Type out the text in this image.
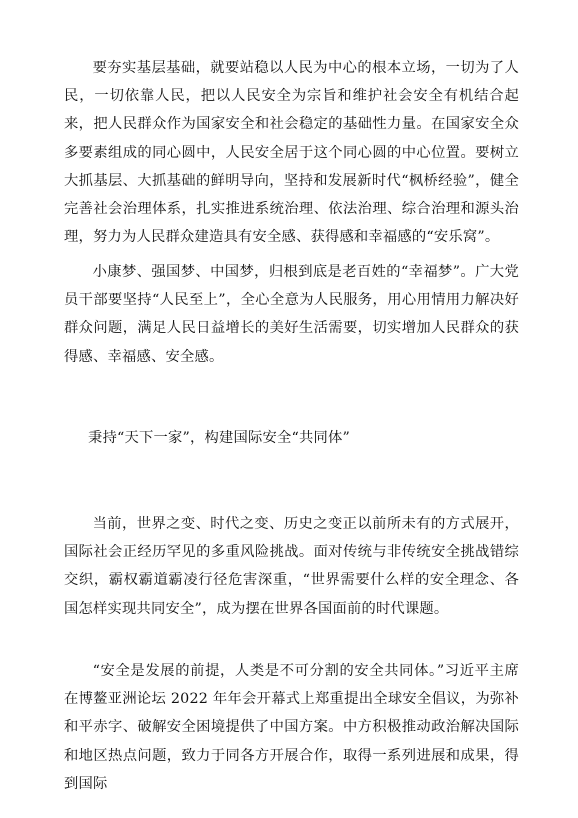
要夯实基层基础，就要站稳以人民为中心的根本立场，一切为了人民，一切依靠人民，把以人民安全为宗旨和维护社会安全有机结合起来，把人民群众作为国家安全和社会稳定的基础性力量。在国家安全众多要素组成的同心圆中，人民安全居于这个同心圆的中心位置。要树立大抓基层、大抓基础的鲜明导向，坚持和发展新时代“枫桥经验”，健全完善社会治理体系，扎实推进系统治理、依法治理、综合治理和源头治理，努力为人民群众建造具有安全感、获得感和幸福感的“安乐窝”。

小康梦、强国梦、中国梦，归根到底是老百姓的“幸福梦”。广大党员干部要坚持“人民至上”，全心全意为人民服务，用心用情用力解决好群众问题，满足人民日益增长的美好生活需要，切实增加人民群众的获得感、幸福感、安全感。

秉持“天下一家”，构建国际安全“共同体”

当前，世界之变、时代之变、历史之变正以前所未有的方式展开，国际社会正经历罕见的多重风险挑战。面对传统与非传统安全挑战错综交织，霸权霸道霸凌行径危害深重，“世界需要什么样的安全理念、各国怎样实现共同安全”，成为摆在世界各国面前的时代课题。

“安全是发展的前提，人类是不可分割的安全共同体。”习近平主席在博鳌亚洲论坛 2022 年年会开幕式上郑重提出全球安全倡议，为弥补和平赤字、破解安全困境提供了中国方案。中方积极推动政治解决国际和地区热点问题，致力于同各方开展合作，取得一系列进展和成果，得到国际
